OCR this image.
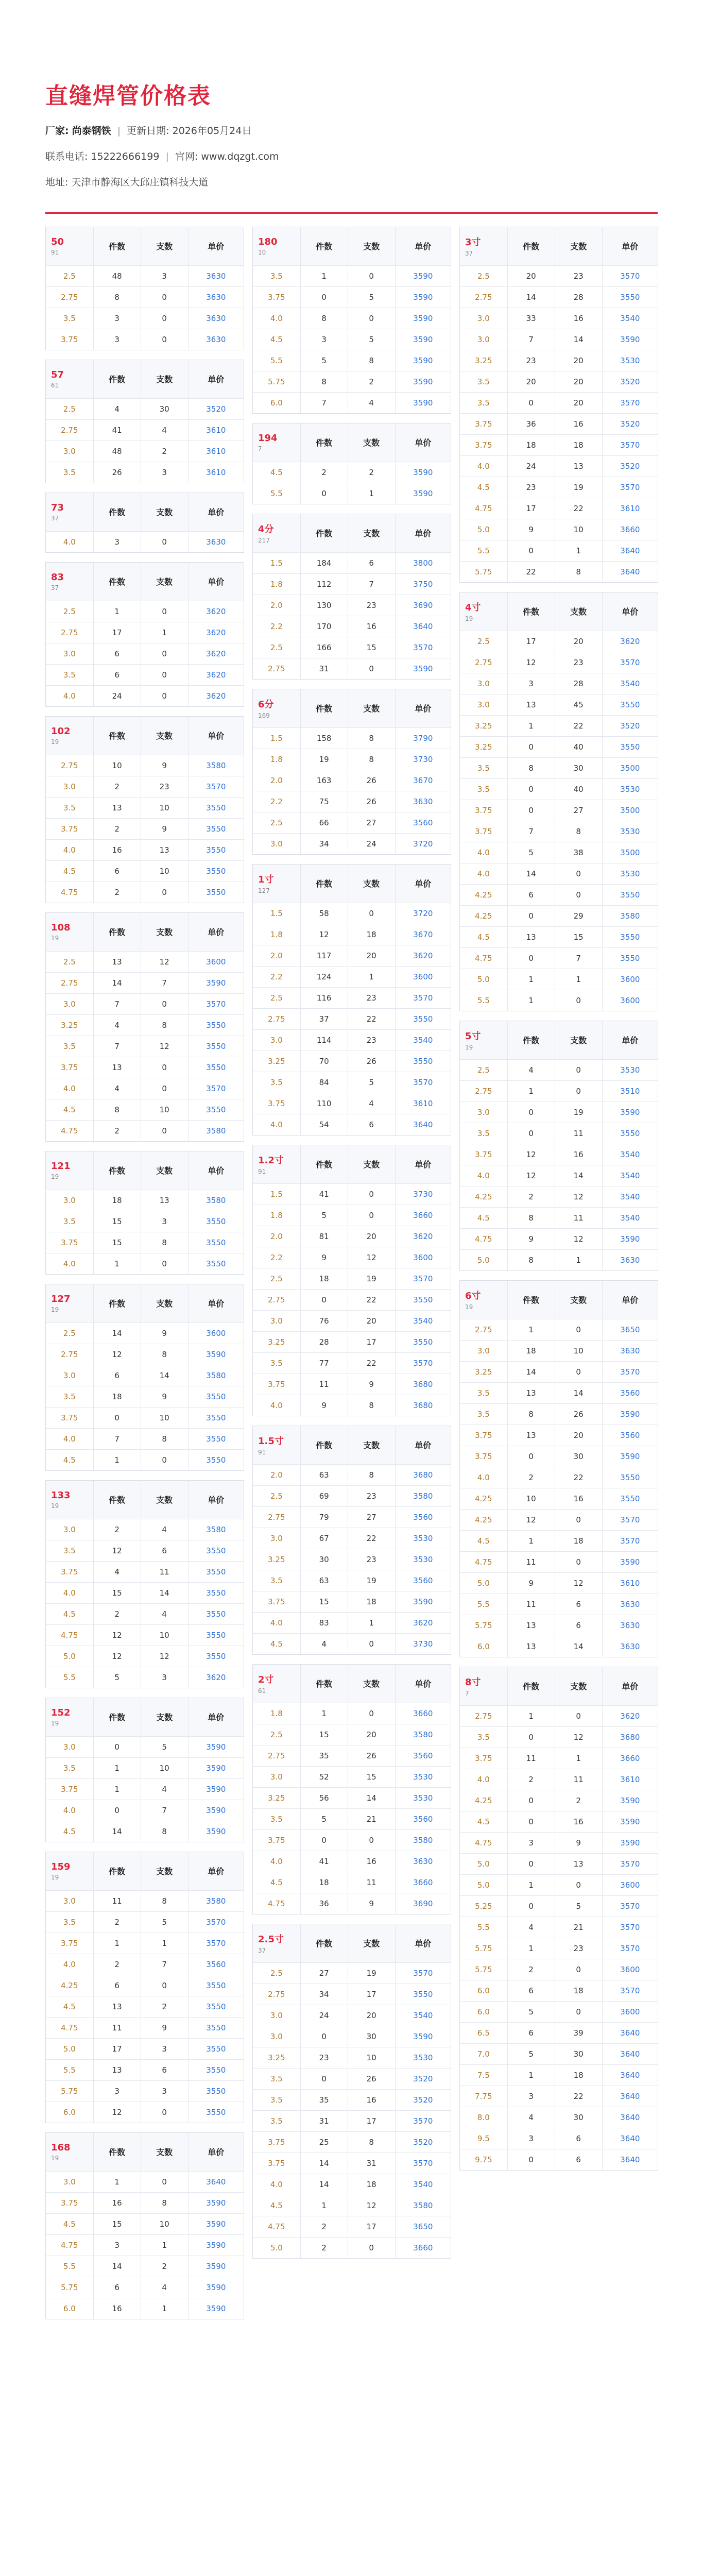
直缝焊管价格表
厂家: 尚泰钢铁 | 更新日期: 2026年05月24日
联系电话: 15222666199 | 官网: www.dqzgt.com
地址: 天津市静海区大邱庄镇科技大道
50
91	件数	支数	单价
2.5	48	3	3630
2.75	8	0	3630
3.5	3	0	3630
3.75	3	0	3630
57
61	件数	支数	单价
2.5	4	30	3520
2.75	41	4	3610
3.0	48	2	3610
3.5	26	3	3610
73
37	件数	支数	单价
4.0	3	0	3630
83
37	件数	支数	单价
2.5	1	0	3620
2.75	17	1	3620
3.0	6	0	3620
3.5	6	0	3620
4.0	24	0	3620
102
19	件数	支数	单价
2.75	10	9	3580
3.0	2	23	3570
3.5	13	10	3550
3.75	2	9	3550
4.0	16	13	3550
4.5	6	10	3550
4.75	2	0	3550
108
19	件数	支数	单价
2.5	13	12	3600
2.75	14	7	3590
3.0	7	0	3570
3.25	4	8	3550
3.5	7	12	3550
3.75	13	0	3550
4.0	4	0	3570
4.5	8	10	3550
4.75	2	0	3580
121
19	件数	支数	单价
3.0	18	13	3580
3.5	15	3	3550
3.75	15	8	3550
4.0	1	0	3550
127
19	件数	支数	单价
2.5	14	9	3600
2.75	12	8	3590
3.0	6	14	3580
3.5	18	9	3550
3.75	0	10	3550
4.0	7	8	3550
4.5	1	0	3550
133
19	件数	支数	单价
3.0	2	4	3580
3.5	12	6	3550
3.75	4	11	3550
4.0	15	14	3550
4.5	2	4	3550
4.75	12	10	3550
5.0	12	12	3550
5.5	5	3	3620
152
19	件数	支数	单价
3.0	0	5	3590
3.5	1	10	3590
3.75	1	4	3590
4.0	0	7	3590
4.5	14	8	3590
159
19	件数	支数	单价
3.0	11	8	3580
3.5	2	5	3570
3.75	1	1	3570
4.0	2	7	3560
4.25	6	0	3550
4.5	13	2	3550
4.75	11	9	3550
5.0	17	3	3550
5.5	13	6	3550
5.75	3	3	3550
6.0	12	0	3550
168
19	件数	支数	单价
3.0	1	0	3640
3.75	16	8	3590
4.5	15	10	3590
4.75	3	1	3590
5.5	14	2	3590
5.75	6	4	3590
6.0	16	1	3590
180
10	件数	支数	单价
3.5	1	0	3590
3.75	0	5	3590
4.0	8	0	3590
4.5	3	5	3590
5.5	5	8	3590
5.75	8	2	3590
6.0	7	4	3590
194
7	件数	支数	单价
4.5	2	2	3590
5.5	0	1	3590
4分
217	件数	支数	单价
1.5	184	6	3800
1.8	112	7	3750
2.0	130	23	3690
2.2	170	16	3640
2.5	166	15	3570
2.75	31	0	3590
6分
169	件数	支数	单价
1.5	158	8	3790
1.8	19	8	3730
2.0	163	26	3670
2.2	75	26	3630
2.5	66	27	3560
3.0	34	24	3720
1寸
127	件数	支数	单价
1.5	58	0	3720
1.8	12	18	3670
2.0	117	20	3620
2.2	124	1	3600
2.5	116	23	3570
2.75	37	22	3550
3.0	114	23	3540
3.25	70	26	3550
3.5	84	5	3570
3.75	110	4	3610
4.0	54	6	3640
1.2寸
91	件数	支数	单价
1.5	41	0	3730
1.8	5	0	3660
2.0	81	20	3620
2.2	9	12	3600
2.5	18	19	3570
2.75	0	22	3550
3.0	76	20	3540
3.25	28	17	3550
3.5	77	22	3570
3.75	11	9	3680
4.0	9	8	3680
1.5寸
91	件数	支数	单价
2.0	63	8	3680
2.5	69	23	3580
2.75	79	27	3560
3.0	67	22	3530
3.25	30	23	3530
3.5	63	19	3560
3.75	15	18	3590
4.0	83	1	3620
4.5	4	0	3730
2寸
61	件数	支数	单价
1.8	1	0	3660
2.5	15	20	3580
2.75	35	26	3560
3.0	52	15	3530
3.25	56	14	3530
3.5	5	21	3560
3.75	0	0	3580
4.0	41	16	3630
4.5	18	11	3660
4.75	36	9	3690
2.5寸
37	件数	支数	单价
2.5	27	19	3570
2.75	34	17	3550
3.0	24	20	3540
3.0	0	30	3590
3.25	23	10	3530
3.5	0	26	3520
3.5	35	16	3520
3.5	31	17	3570
3.75	25	8	3520
3.75	14	31	3570
4.0	14	18	3540
4.5	1	12	3580
4.75	2	17	3650
5.0	2	0	3660
3寸
37	件数	支数	单价
2.5	20	23	3570
2.75	14	28	3550
3.0	33	16	3540
3.0	7	14	3590
3.25	23	20	3530
3.5	20	20	3520
3.5	0	20	3570
3.75	36	16	3520
3.75	18	18	3570
4.0	24	13	3520
4.5	23	19	3570
4.75	17	22	3610
5.0	9	10	3660
5.5	0	1	3640
5.75	22	8	3640
4寸
19	件数	支数	单价
2.5	17	20	3620
2.75	12	23	3570
3.0	3	28	3540
3.0	13	45	3550
3.25	1	22	3520
3.25	0	40	3550
3.5	8	30	3500
3.5	0	40	3530
3.75	0	27	3500
3.75	7	8	3530
4.0	5	38	3500
4.0	14	0	3530
4.25	6	0	3550
4.25	0	29	3580
4.5	13	15	3550
4.75	0	7	3550
5.0	1	1	3600
5.5	1	0	3600
5寸
19	件数	支数	单价
2.5	4	0	3530
2.75	1	0	3510
3.0	0	19	3590
3.5	0	11	3550
3.75	12	16	3540
4.0	12	14	3540
4.25	2	12	3540
4.5	8	11	3540
4.75	9	12	3590
5.0	8	1	3630
6寸
19	件数	支数	单价
2.75	1	0	3650
3.0	18	10	3630
3.25	14	0	3570
3.5	13	14	3560
3.5	8	26	3590
3.75	13	20	3560
3.75	0	30	3590
4.0	2	22	3550
4.25	10	16	3550
4.25	12	0	3570
4.5	1	18	3570
4.75	11	0	3590
5.0	9	12	3610
5.5	11	6	3630
5.75	13	6	3630
6.0	13	14	3630
8寸
7	件数	支数	单价
2.75	1	0	3620
3.5	0	12	3680
3.75	11	1	3660
4.0	2	11	3610
4.25	0	2	3590
4.5	0	16	3590
4.75	3	9	3590
5.0	0	13	3570
5.0	1	0	3600
5.25	0	5	3570
5.5	4	21	3570
5.75	1	23	3570
5.75	2	0	3600
6.0	6	18	3570
6.0	5	0	3600
6.5	6	39	3640
7.0	5	30	3640
7.5	1	18	3640
7.75	3	22	3640
8.0	4	30	3640
9.5	3	6	3640
9.75	0	6	3640
